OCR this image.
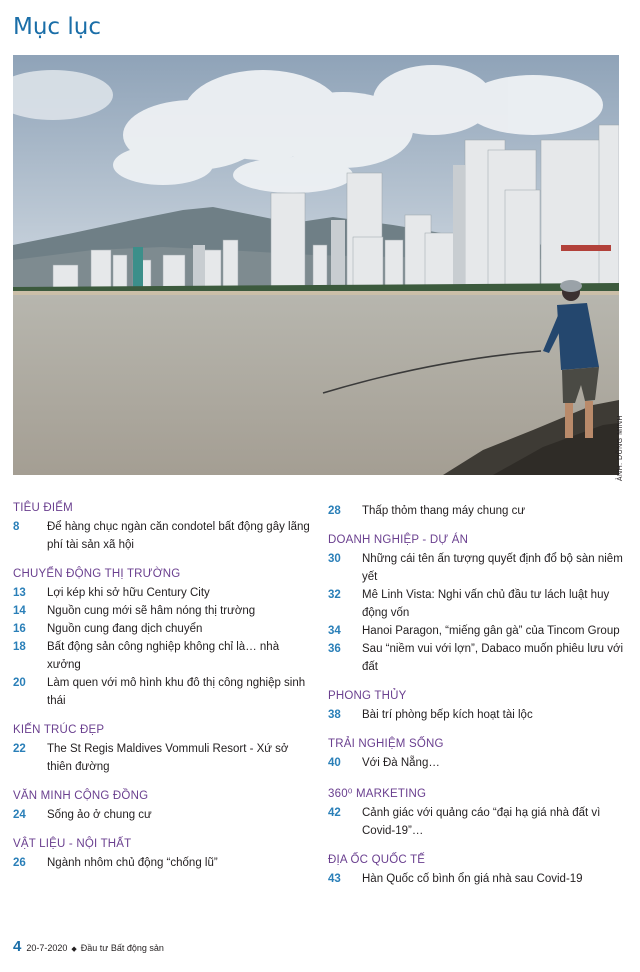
Mục lục
ẢNH: DŨNG MINH
TIÊU ĐIỂM
8	Để hàng chục ngàn căn condotel bất động gây lãng phí tài sản xã hội
CHUYỂN ĐỘNG THỊ TRƯỜNG
13	Lợi kép khi sở hữu Century City
14	Nguồn cung mới sẽ hâm nóng thị trường
16	Nguồn cung đang dịch chuyển
18	Bất động sản công nghiệp không chỉ là… nhà xưởng
20	Làm quen với mô hình khu đô thị công nghiệp sinh thái
KIẾN TRÚC ĐẸP
22	The St Regis Maldives Vommuli Resort - Xứ sở thiên đường
VĂN MINH CỘNG ĐỒNG
24	Sống ảo ở chung cư
VẬT LIỆU - NỘI THẤT
26	Ngành nhôm chủ động “chống lũ”
28	Thấp thỏm thang máy chung cư
DOANH NGHIỆP - DỰ ÁN
30	Những cái tên ấn tượng quyết định đổ bộ sàn niêm yết
32	Mê Linh Vista: Nghi vấn chủ đầu tư lách luật huy động vốn
34	Hanoi Paragon, “miếng gân gà” của Tincom Group
36	Sau “niềm vui với lợn”, Dabaco muốn phiêu lưu với đất
PHONG THỦY
38	Bài trí phòng bếp kích hoạt tài lộc
TRẢI NGHIỆM SỐNG
40	Với Đà Nẵng…
360⁰ MARKETING
42	Cảnh giác với quảng cáo “đại hạ giá nhà đất vì Covid-19”…
ĐỊA ỐC QUỐC TẾ
43	Hàn Quốc cố bình ổn giá nhà sau Covid-19
4 20-7-2020 ◆ Đầu tư Bất động sản
